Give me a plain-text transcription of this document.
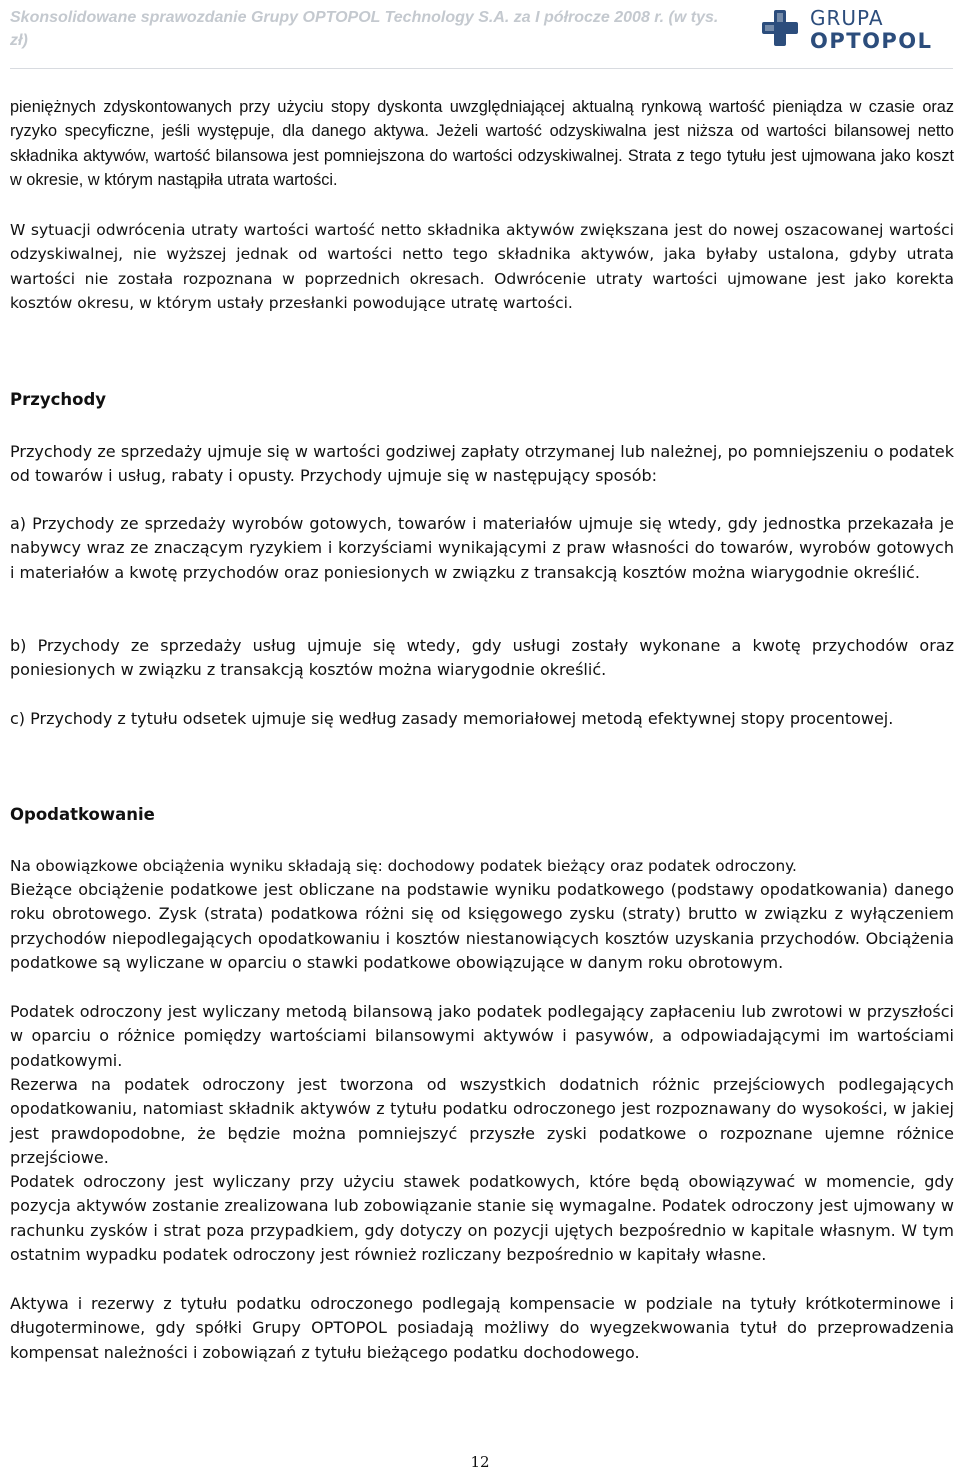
Skonsolidowane sprawozdanie Grupy OPTOPOL Technology S.A. za I półrocze 2008 r. (w tys. zł)
GRUPA
OPTOPOL

pieniężnych zdyskontowanych przy użyciu stopy dyskonta uwzględniającej aktualną rynkową wartość pieniądza w czasie oraz ryzyko specyficzne, jeśli występuje, dla danego aktywa. Jeżeli wartość odzyskiwalna jest niższa od wartości bilansowej netto składnika aktywów, wartość bilansowa jest pomniejszona do wartości odzyskiwalnej. Strata z tego tytułu jest ujmowana jako koszt w okresie, w którym nastąpiła utrata wartości.

W sytuacji odwrócenia utraty wartości wartość netto składnika aktywów zwiększana jest do nowej oszacowanej wartości odzyskiwalnej, nie wyższej jednak od wartości netto tego składnika aktywów, jaka byłaby ustalona, gdyby utrata wartości nie została rozpoznana w poprzednich okresach. Odwrócenie utraty wartości ujmowane jest jako korekta kosztów okresu, w którym ustały przesłanki powodujące utratę wartości.

Przychody

Przychody ze sprzedaży ujmuje się w wartości godziwej zapłaty otrzymanej lub należnej, po pomniejszeniu o podatek od towarów i usług, rabaty i opusty. Przychody ujmuje się w następujący sposób:

a) Przychody ze sprzedaży wyrobów gotowych, towarów i materiałów ujmuje się wtedy, gdy jednostka przekazała je nabywcy wraz ze znaczącym ryzykiem i korzyściami wynikającymi z praw własności do towarów, wyrobów gotowych i materiałów a kwotę przychodów oraz poniesionych w związku z transakcją kosztów można wiarygodnie określić.

b) Przychody ze sprzedaży usług ujmuje się wtedy, gdy usługi zostały wykonane a kwotę przychodów oraz poniesionych w związku z transakcją kosztów można wiarygodnie określić.

c) Przychody z tytułu odsetek ujmuje się według zasady memoriałowej metodą efektywnej stopy procentowej.

Opodatkowanie

Na obowiązkowe obciążenia wyniku składają się: dochodowy podatek bieżący oraz podatek odroczony.

Bieżące obciążenie podatkowe jest obliczane na podstawie wyniku podatkowego (podstawy opodatkowania) danego roku obrotowego. Zysk (strata) podatkowa różni się od księgowego zysku (straty) brutto w związku z wyłączeniem przychodów niepodlegających opodatkowaniu i kosztów niestanowiących kosztów uzyskania przychodów. Obciążenia podatkowe są wyliczane w oparciu o stawki podatkowe obowiązujące w danym roku obrotowym.

Podatek odroczony jest wyliczany metodą bilansową jako podatek podlegający zapłaceniu lub zwrotowi w przyszłości w oparciu o różnice pomiędzy wartościami bilansowymi aktywów i pasywów, a odpowiadającymi im wartościami podatkowymi.

Rezerwa na podatek odroczony jest tworzona od wszystkich dodatnich różnic przejściowych podlegających opodatkowaniu, natomiast składnik aktywów z tytułu podatku odroczonego jest rozpoznawany do wysokości, w jakiej jest prawdopodobne, że będzie można pomniejszyć przyszłe zyski podatkowe o rozpoznane ujemne różnice przejściowe.

Podatek odroczony jest wyliczany przy użyciu stawek podatkowych, które będą obowiązywać w momencie, gdy pozycja aktywów zostanie zrealizowana lub zobowiązanie stanie się wymagalne. Podatek odroczony jest ujmowany w rachunku zysków i strat poza przypadkiem, gdy dotyczy on pozycji ujętych bezpośrednio w kapitale własnym. W tym ostatnim wypadku podatek odroczony jest również rozliczany bezpośrednio w kapitały własne.

Aktywa i rezerwy z tytułu podatku odroczonego podlegają kompensacie w podziale na tytuły krótkoterminowe i długoterminowe, gdy spółki Grupy OPTOPOL posiadają możliwy do wyegzekwowania tytuł do przeprowadzenia kompensat należności i zobowiązań z tytułu bieżącego podatku dochodowego.

12
